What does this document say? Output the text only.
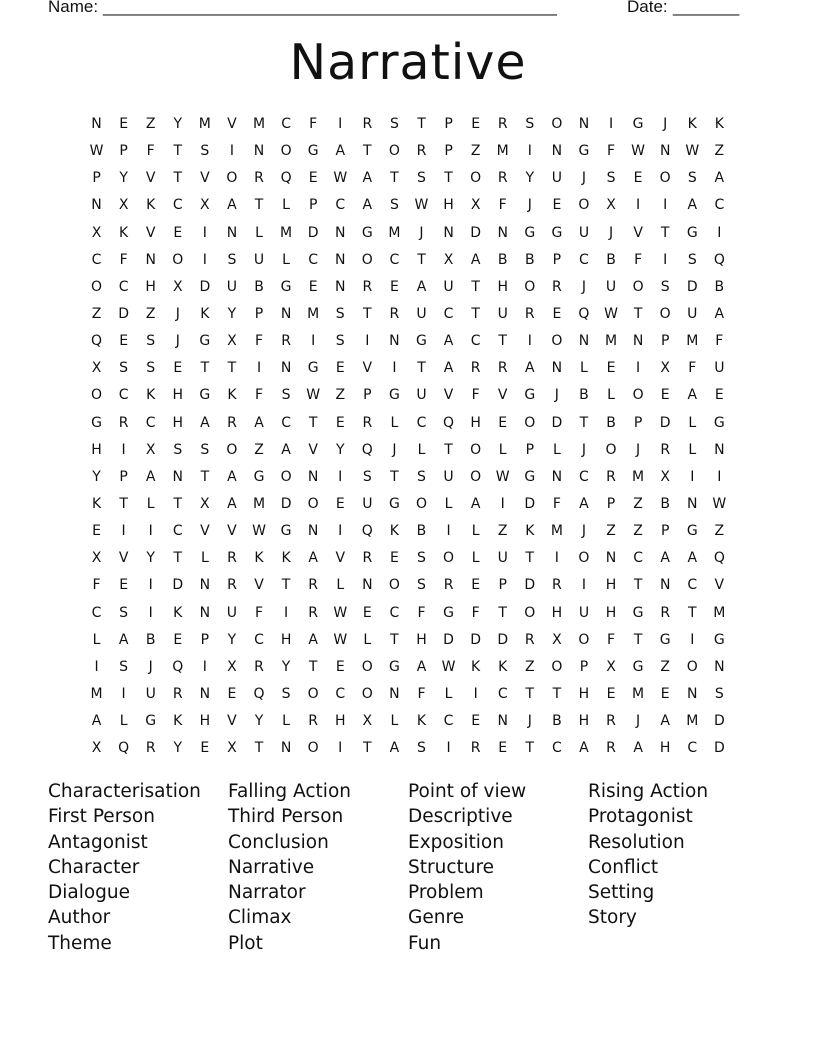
Name: ________________________________________________	Date: _______
Narrative
N	E	Z	Y	M	V	M	C	F	I	R	S	T	P	E	R	S	O	N	I	G	J	K	K
W	P	F	T	S	I	N	O	G	A	T	O	R	P	Z	M	I	N	G	F	W	N	W	Z
P	Y	V	T	V	O	R	Q	E	W	A	T	S	T	O	R	Y	U	J	S	E	O	S	A
N	X	K	C	X	A	T	L	P	C	A	S	W	H	X	F	J	E	O	X	I	I	A	C
X	K	V	E	I	N	L	M	D	N	G	M	J	N	D	N	G	G	U	J	V	T	G	I
C	F	N	O	I	S	U	L	C	N	O	C	T	X	A	B	B	P	C	B	F	I	S	Q
O	C	H	X	D	U	B	G	E	N	R	E	A	U	T	H	O	R	J	U	O	S	D	B
Z	D	Z	J	K	Y	P	N	M	S	T	R	U	C	T	U	R	E	Q	W	T	O	U	A
Q	E	S	J	G	X	F	R	I	S	I	N	G	A	C	T	I	O	N	M	N	P	M	F
X	S	S	E	T	T	I	N	G	E	V	I	T	A	R	R	A	N	L	E	I	X	F	U
O	C	K	H	G	K	F	S	W	Z	P	G	U	V	F	V	G	J	B	L	O	E	A	E
G	R	C	H	A	R	A	C	T	E	R	L	C	Q	H	E	O	D	T	B	P	D	L	G
H	I	X	S	S	O	Z	A	V	Y	Q	J	L	T	O	L	P	L	J	O	J	R	L	N
Y	P	A	N	T	A	G	O	N	I	S	T	S	U	O	W	G	N	C	R	M	X	I	I
K	T	L	T	X	A	M	D	O	E	U	G	O	L	A	I	D	F	A	P	Z	B	N	W
E	I	I	C	V	V	W	G	N	I	Q	K	B	I	L	Z	K	M	J	Z	Z	P	G	Z
X	V	Y	T	L	R	K	K	A	V	R	E	S	O	L	U	T	I	O	N	C	A	A	Q
F	E	I	D	N	R	V	T	R	L	N	O	S	R	E	P	D	R	I	H	T	N	C	V
C	S	I	K	N	U	F	I	R	W	E	C	F	G	F	T	O	H	U	H	G	R	T	M
L	A	B	E	P	Y	C	H	A	W	L	T	H	D	D	D	R	X	O	F	T	G	I	G
I	S	J	Q	I	X	R	Y	T	E	O	G	A	W	K	K	Z	O	P	X	G	Z	O	N
M	I	U	R	N	E	Q	S	O	C	O	N	F	L	I	C	T	T	H	E	M	E	N	S
A	L	G	K	H	V	Y	L	R	H	X	L	K	C	E	N	J	B	H	R	J	A	M	D
X	Q	R	Y	E	X	T	N	O	I	T	A	S	I	R	E	T	C	A	R	A	H	C	D
Characterisation
First Person
Antagonist
Character
Dialogue
Author
Theme
Falling Action
Third Person
Conclusion
Narrative
Narrator
Climax
Plot
Point of view
Descriptive
Exposition
Structure
Problem
Genre
Fun
Rising Action
Protagonist
Resolution
Conflict
Setting
Story
